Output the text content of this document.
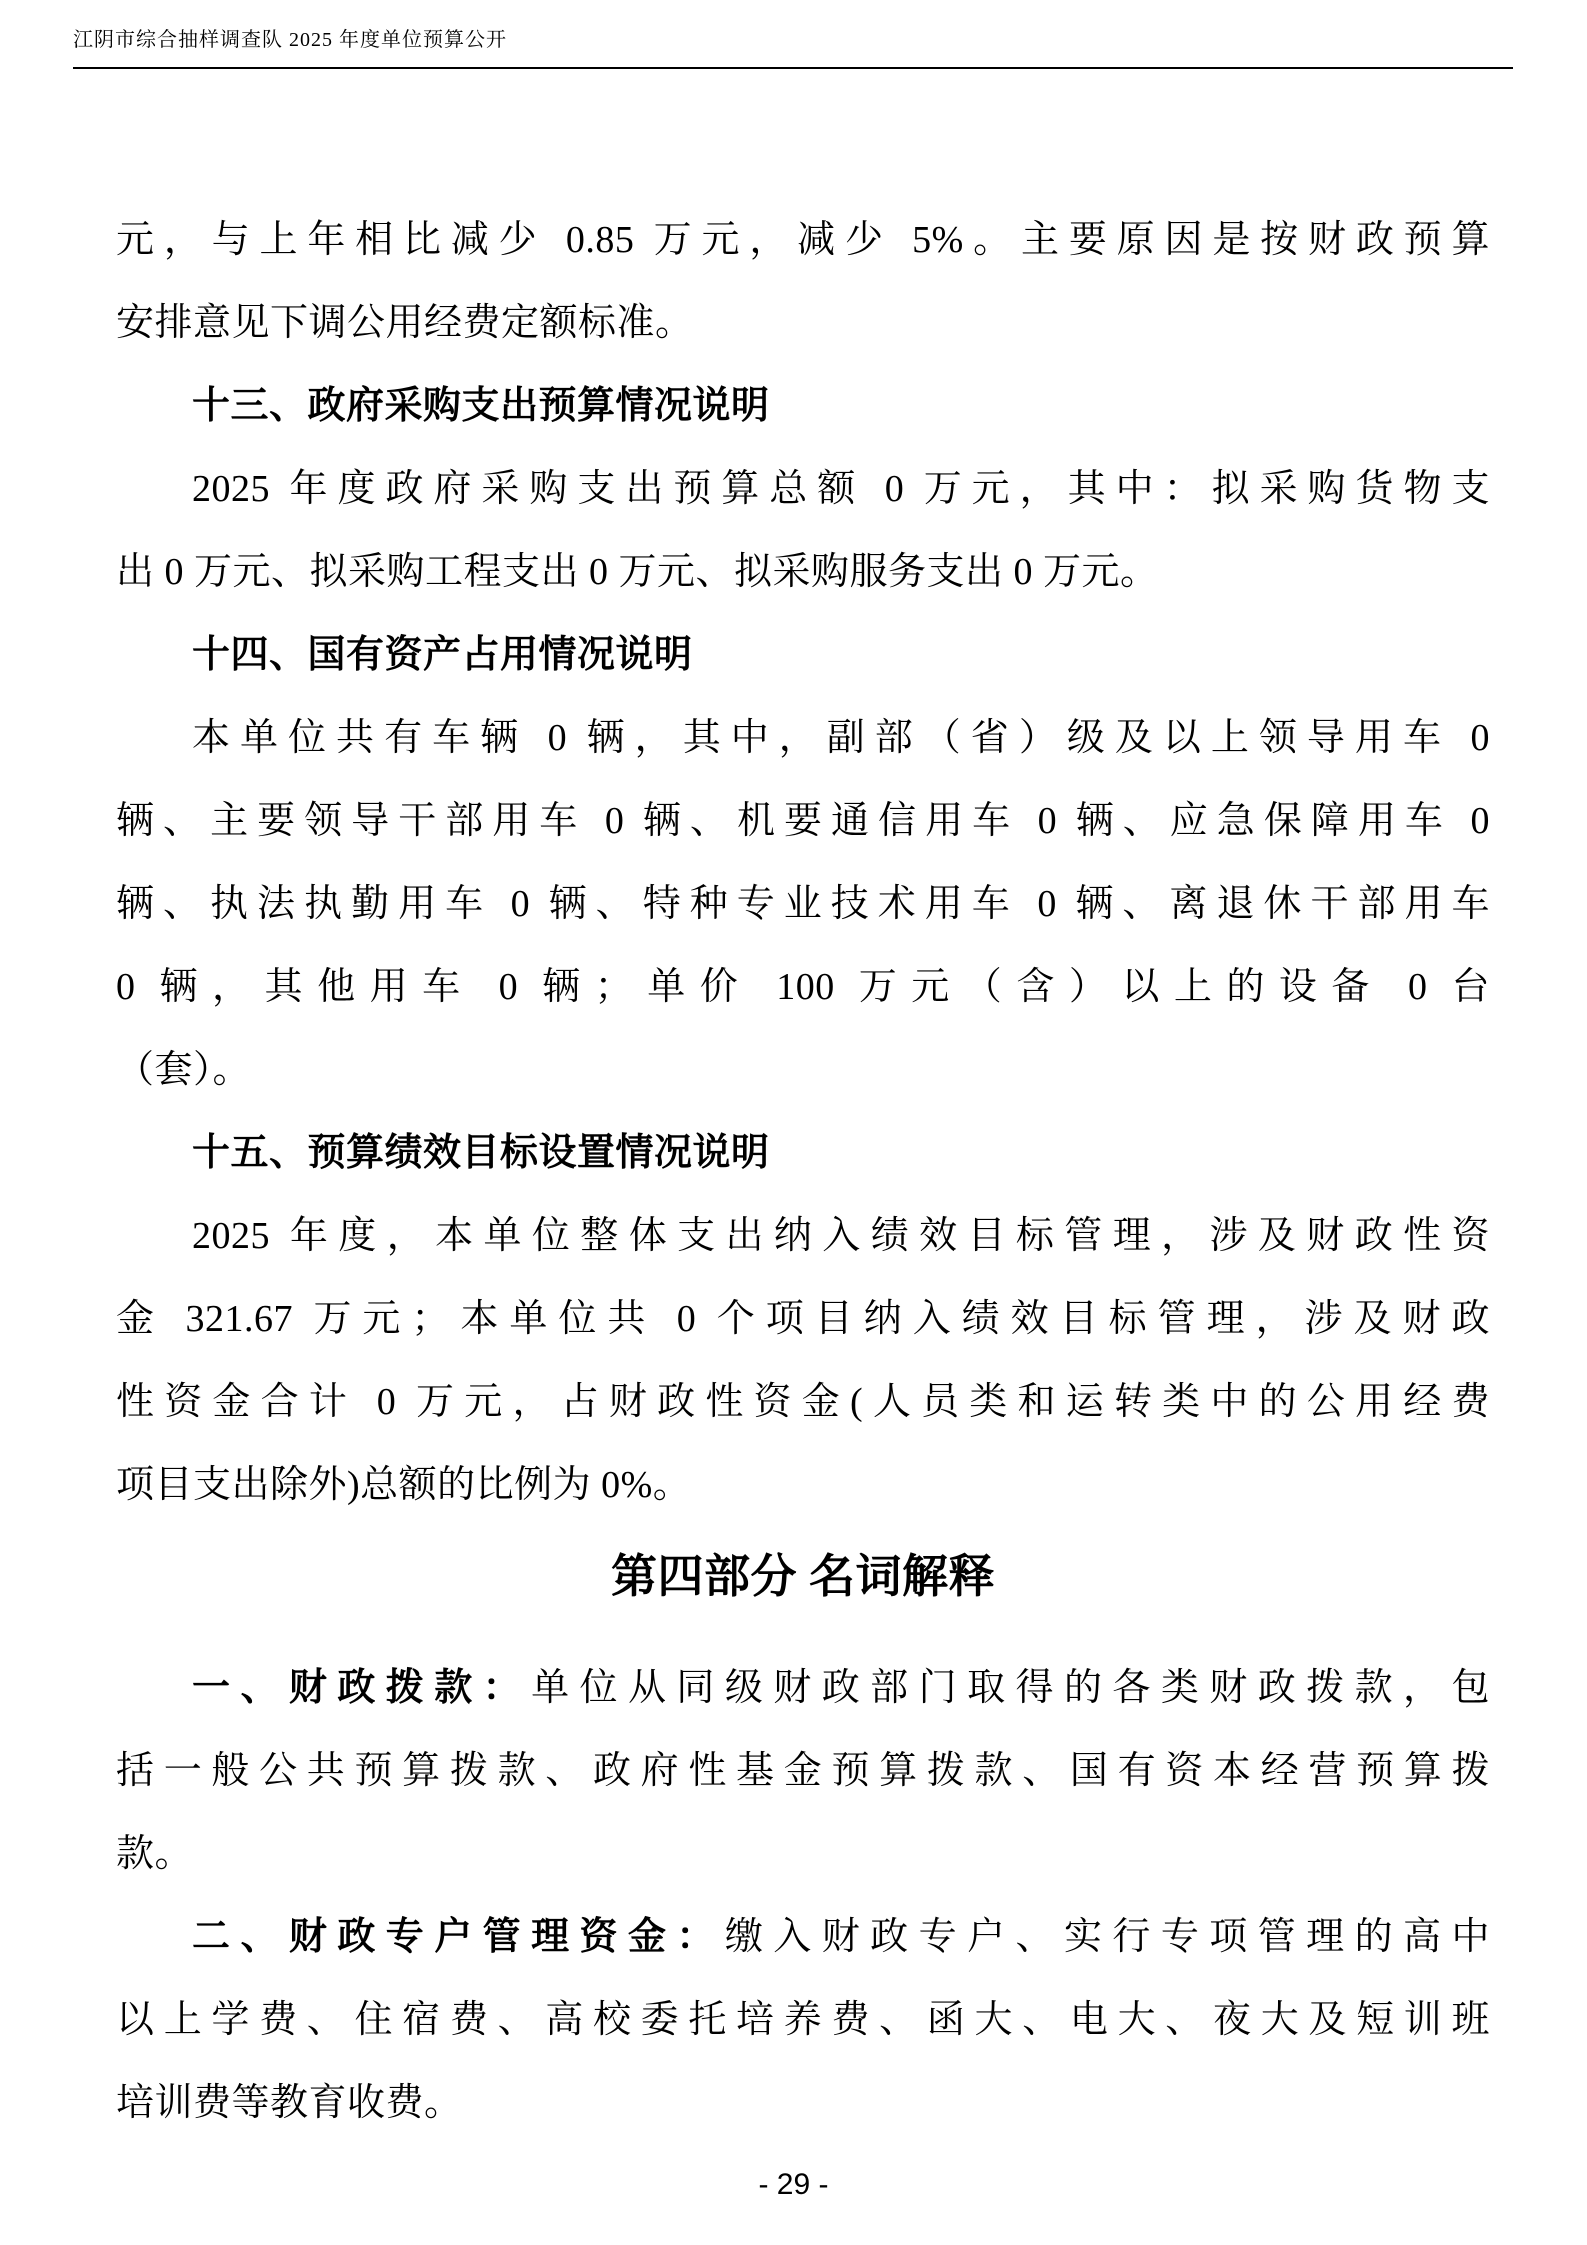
江阴市综合抽样调查队 2025 年度单位预算公开
元，与上年相比减少 0.85 万元，减少 5%。主要原因是按财政预算
安排意见下调公用经费定额标准。
十三、政府采购支出预算情况说明
2025 年度政府采购支出预算总额 0 万元，其中：拟采购货物支
出 0 万元、拟采购工程支出 0 万元、拟采购服务支出 0 万元。
十四、国有资产占用情况说明
本单位共有车辆 0 辆，其中，副部（省）级及以上领导用车 0
辆、主要领导干部用车 0 辆、机要通信用车 0 辆、应急保障用车 0
辆、执法执勤用车 0 辆、特种专业技术用车 0 辆、离退休干部用车
0 辆，其他用车 0 辆；单价 100 万元（含）以上的设备 0 台
（套）。
十五、预算绩效目标设置情况说明
2025 年度，本单位整体支出纳入绩效目标管理，涉及财政性资
金 321.67 万元；本单位共 0 个项目纳入绩效目标管理，涉及财政
性资金合计 0 万元，占财政性资金(人员类和运转类中的公用经费
项目支出除外)总额的比例为 0%。
第四部分 名词解释
一、财政拨款：单位从同级财政部门取得的各类财政拨款，包
括一般公共预算拨款、政府性基金预算拨款、国有资本经营预算拨
款。
二、财政专户管理资金：缴入财政专户、实行专项管理的高中
以上学费、住宿费、高校委托培养费、函大、电大、夜大及短训班
培训费等教育收费。
- 29 -
